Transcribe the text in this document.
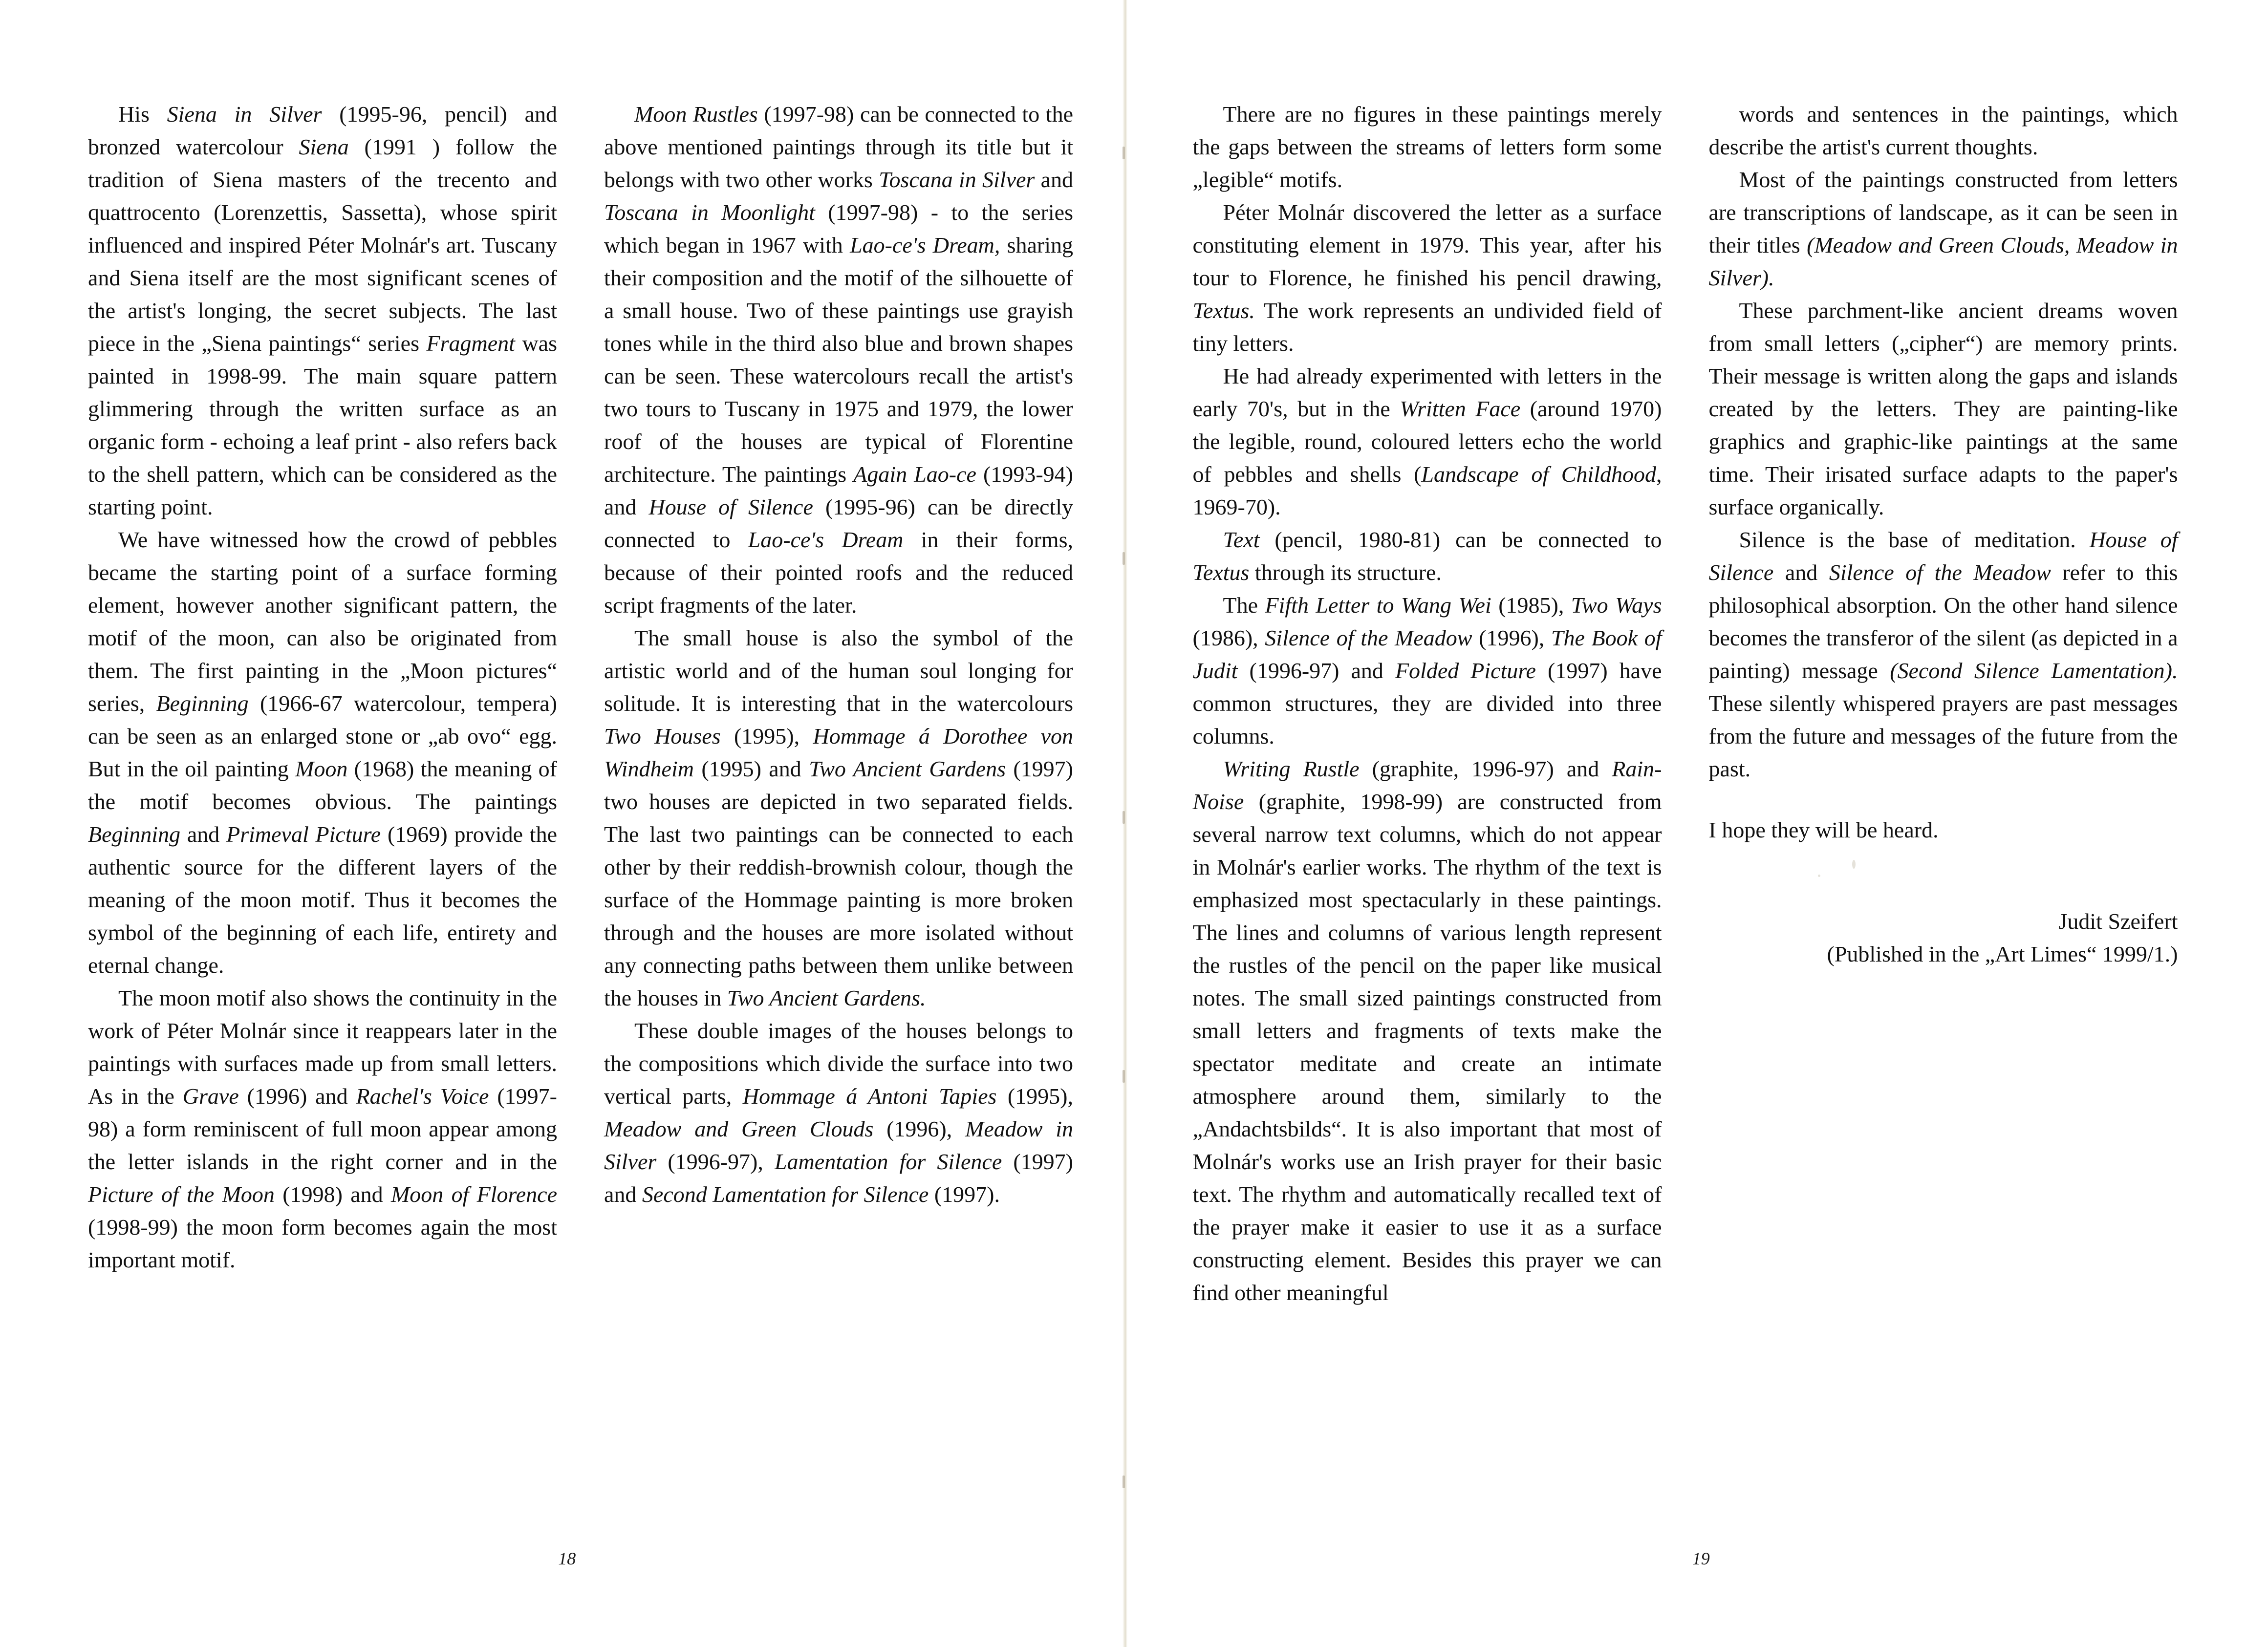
His Siena in Silver (1995-96, pencil) and bronzed watercolour Siena (1991 ) follow the tradition of Siena masters of the trecento and quattrocento (Lorenzettis, Sassetta), whose spirit influenced and inspired Péter Molnár's art. Tuscany and Siena itself are the most significant scenes of the artist's longing, the secret subjects. The last piece in the „Siena paintings“ series Fragment was painted in 1998-99. The main square pattern glimmering through the written surface as an organic form - echoing a leaf print - also refers back to the shell pattern, which can be considered as the starting point.

We have witnessed how the crowd of pebbles became the starting point of a surface forming element, however another significant pattern, the motif of the moon, can also be originated from them. The first painting in the „Moon pictures“ series, Beginning (1966-67 watercolour, tempera) can be seen as an enlarged stone or „ab ovo“ egg. But in the oil painting Moon (1968) the meaning of the motif becomes obvious. The paintings Beginning and Primeval Picture (1969) provide the authentic source for the different layers of the meaning of the moon motif. Thus it becomes the symbol of the beginning of each life, entirety and eternal change.

The moon motif also shows the continuity in the work of Péter Molnár since it reappears later in the paintings with surfaces made up from small letters. As in the Grave (1996) and Rachel's Voice (1997-98) a form reminiscent of full moon appear among the letter islands in the right corner and in the Picture of the Moon (1998) and Moon of Florence (1998-99) the moon form becomes again the most important motif.

Moon Rustles (1997-98) can be connected to the above mentioned paintings through its title but it belongs with two other works Toscana in Silver and Toscana in Moonlight (1997-98) - to the series which began in 1967 with Lao-ce's Dream, sharing their composition and the motif of the silhouette of a small house. Two of these paintings use grayish tones while in the third also blue and brown shapes can be seen. These watercolours recall the artist's two tours to Tuscany in 1975 and 1979, the lower roof of the houses are typical of Florentine architecture. The paintings Again Lao-ce (1993-94) and House of Silence (1995-96) can be directly connected to Lao-ce's Dream in their forms, because of their pointed roofs and the reduced script fragments of the later.

The small house is also the symbol of the artistic world and of the human soul longing for solitude. It is interesting that in the watercolours Two Houses (1995), Hommage á Dorothee von Windheim (1995) and Two Ancient Gardens (1997) two houses are depicted in two separated fields. The last two paintings can be connected to each other by their reddish-brownish colour, though the surface of the Hommage painting is more broken through and the houses are more isolated without any connecting paths between them unlike between the houses in Two Ancient Gardens.

These double images of the houses belongs to the compositions which divide the surface into two vertical parts, Hommage á Antoni Tapies (1995), Meadow and Green Clouds (1996), Meadow in Silver (1996-97), Lamentation for Silence (1997) and Second Lamentation for Silence (1997).

18

There are no figures in these paintings merely the gaps between the streams of letters form some „legible“ motifs.

Péter Molnár discovered the letter as a surface constituting element in 1979. This year, after his tour to Florence, he finished his pencil drawing, Textus. The work represents an undivided field of tiny letters.

He had already experimented with letters in the early 70's, but in the Written Face (around 1970) the legible, round, coloured letters echo the world of pebbles and shells (Landscape of Childhood, 1969-70).

Text (pencil, 1980-81) can be connected to Textus through its structure.

The Fifth Letter to Wang Wei (1985), Two Ways (1986), Silence of the Meadow (1996), The Book of Judit (1996-97) and Folded Picture (1997) have common structures, they are divided into three columns.

Writing Rustle (graphite, 1996-97) and Rain-Noise (graphite, 1998-99) are constructed from several narrow text columns, which do not appear in Molnár's earlier works. The rhythm of the text is emphasized most spectacularly in these paintings. The lines and columns of various length represent the rustles of the pencil on the paper like musical notes. The small sized paintings constructed from small letters and fragments of texts make the spectator meditate and create an intimate atmosphere around them, similarly to the „Andachtsbilds“. It is also important that most of Molnár's works use an Irish prayer for their basic text. The rhythm and automatically recalled text of the prayer make it easier to use it as a surface constructing element. Besides this prayer we can find other meaningful

words and sentences in the paintings, which describe the artist's current thoughts.

Most of the paintings constructed from letters are transcriptions of landscape, as it can be seen in their titles (Meadow and Green Clouds, Meadow in Silver).

These parchment-like ancient dreams woven from small letters („cipher“) are memory prints. Their message is written along the gaps and islands created by the letters. They are painting-like graphics and graphic-like paintings at the same time. Their irisated surface adapts to the paper's surface organically.

Silence is the base of meditation. House of Silence and Silence of the Meadow refer to this philosophical absorption. On the other hand silence becomes the transferor of the silent (as depicted in a painting) message (Second Silence Lamentation). These silently whispered prayers are past messages from the future and messages of the future from the past.

I hope they will be heard.

Judit Szeifert
(Published in the „Art Limes“ 1999/1.)
19
